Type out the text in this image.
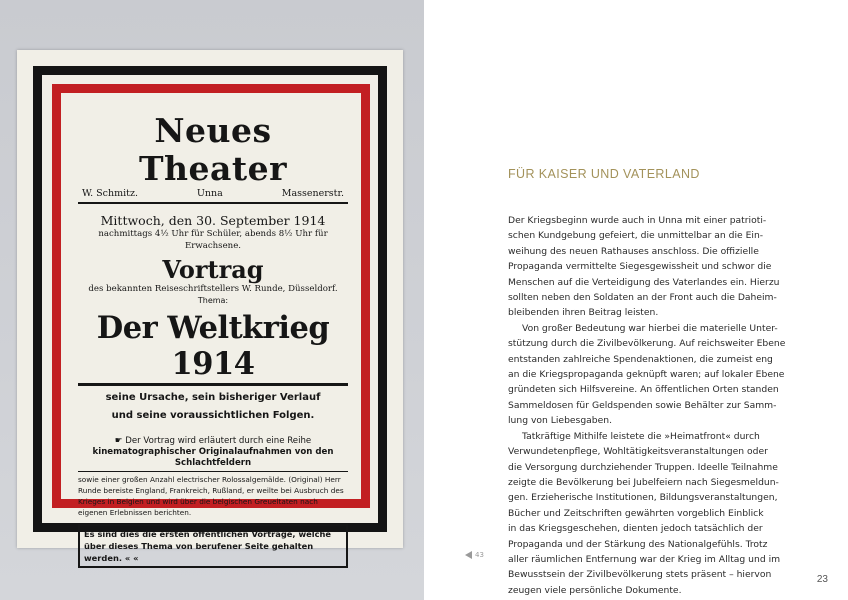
Neues Theater
W. Schmitz.	Unna	Massenerstr.
Mittwoch, den 30. September 1914
nachmittags 4½ Uhr für Schüler, abends 8½ Uhr für Erwachsene.
Vortrag
des bekannten Reiseschriftstellers W. Runde, Düsseldorf.
Thema:
Der Weltkrieg 1914
seine Ursache, sein bisheriger Verlauf
und seine voraussichtlichen Folgen.
☛ Der Vortrag wird erläutert durch eine Reihe
kinematographischer Originalaufnahmen von den Schlachtfeldern
sowie einer großen Anzahl electrischer Rolossalgemälde. (Original) Herr Runde bereiste England, Frankreich, Rußland, er weilte bei Ausbruch des Krieges in Belgien und wird über die belgischen Greueltaten nach eigenen Erlebnissen berichten.
Es sind dies die ersten öffentlichen Vorträge, welche über dieses Thema von berufener Seite gehalten werden. « «	43
FÜR KAISER UND VATERLAND

Der Kriegsbeginn wurde auch in Unna mit einer patrioti-
schen Kundgebung gefeiert, die unmittelbar an die Ein-
weihung des neuen Rathauses anschloss. Die offizielle
Propaganda vermittelte Siegesgewissheit und schwor die
Menschen auf die Verteidigung des Vaterlandes ein. Hierzu
sollten neben den Soldaten an der Front auch die Daheim-
bleibenden ihren Beitrag leisten.

Von großer Bedeutung war hierbei die materielle Unter-
stützung durch die Zivilbevölkerung. Auf reichsweiter Ebene
entstanden zahlreiche Spendenaktionen, die zumeist eng
an die Kriegspropaganda geknüpft waren; auf lokaler Ebene
gründeten sich Hilfsvereine. An öffentlichen Orten standen
Sammeldosen für Geldspenden sowie Behälter zur Samm-
lung von Liebesgaben.

Tatkräftige Mithilfe leistete die »Heimatfront« durch
Verwundetenpflege, Wohltätigkeitsveranstaltungen oder
die Versorgung durchziehender Truppen. Ideelle Teilnahme
zeigte die Bevölkerung bei Jubelfeiern nach Siegesmeldun-
gen. Erzieherische Institutionen, Bildungsveranstaltungen,
Bücher und Zeitschriften gewährten vorgeblich Einblick
in das Kriegsgeschehen, dienten jedoch tatsächlich der
Propaganda und der Stärkung des Nationalgefühls. Trotz
aller räumlichen Entfernung war der Krieg im Alltag und im
Bewusstsein der Zivilbevölkerung stets präsent – hiervon
zeugen viele persönliche Dokumente.

23
